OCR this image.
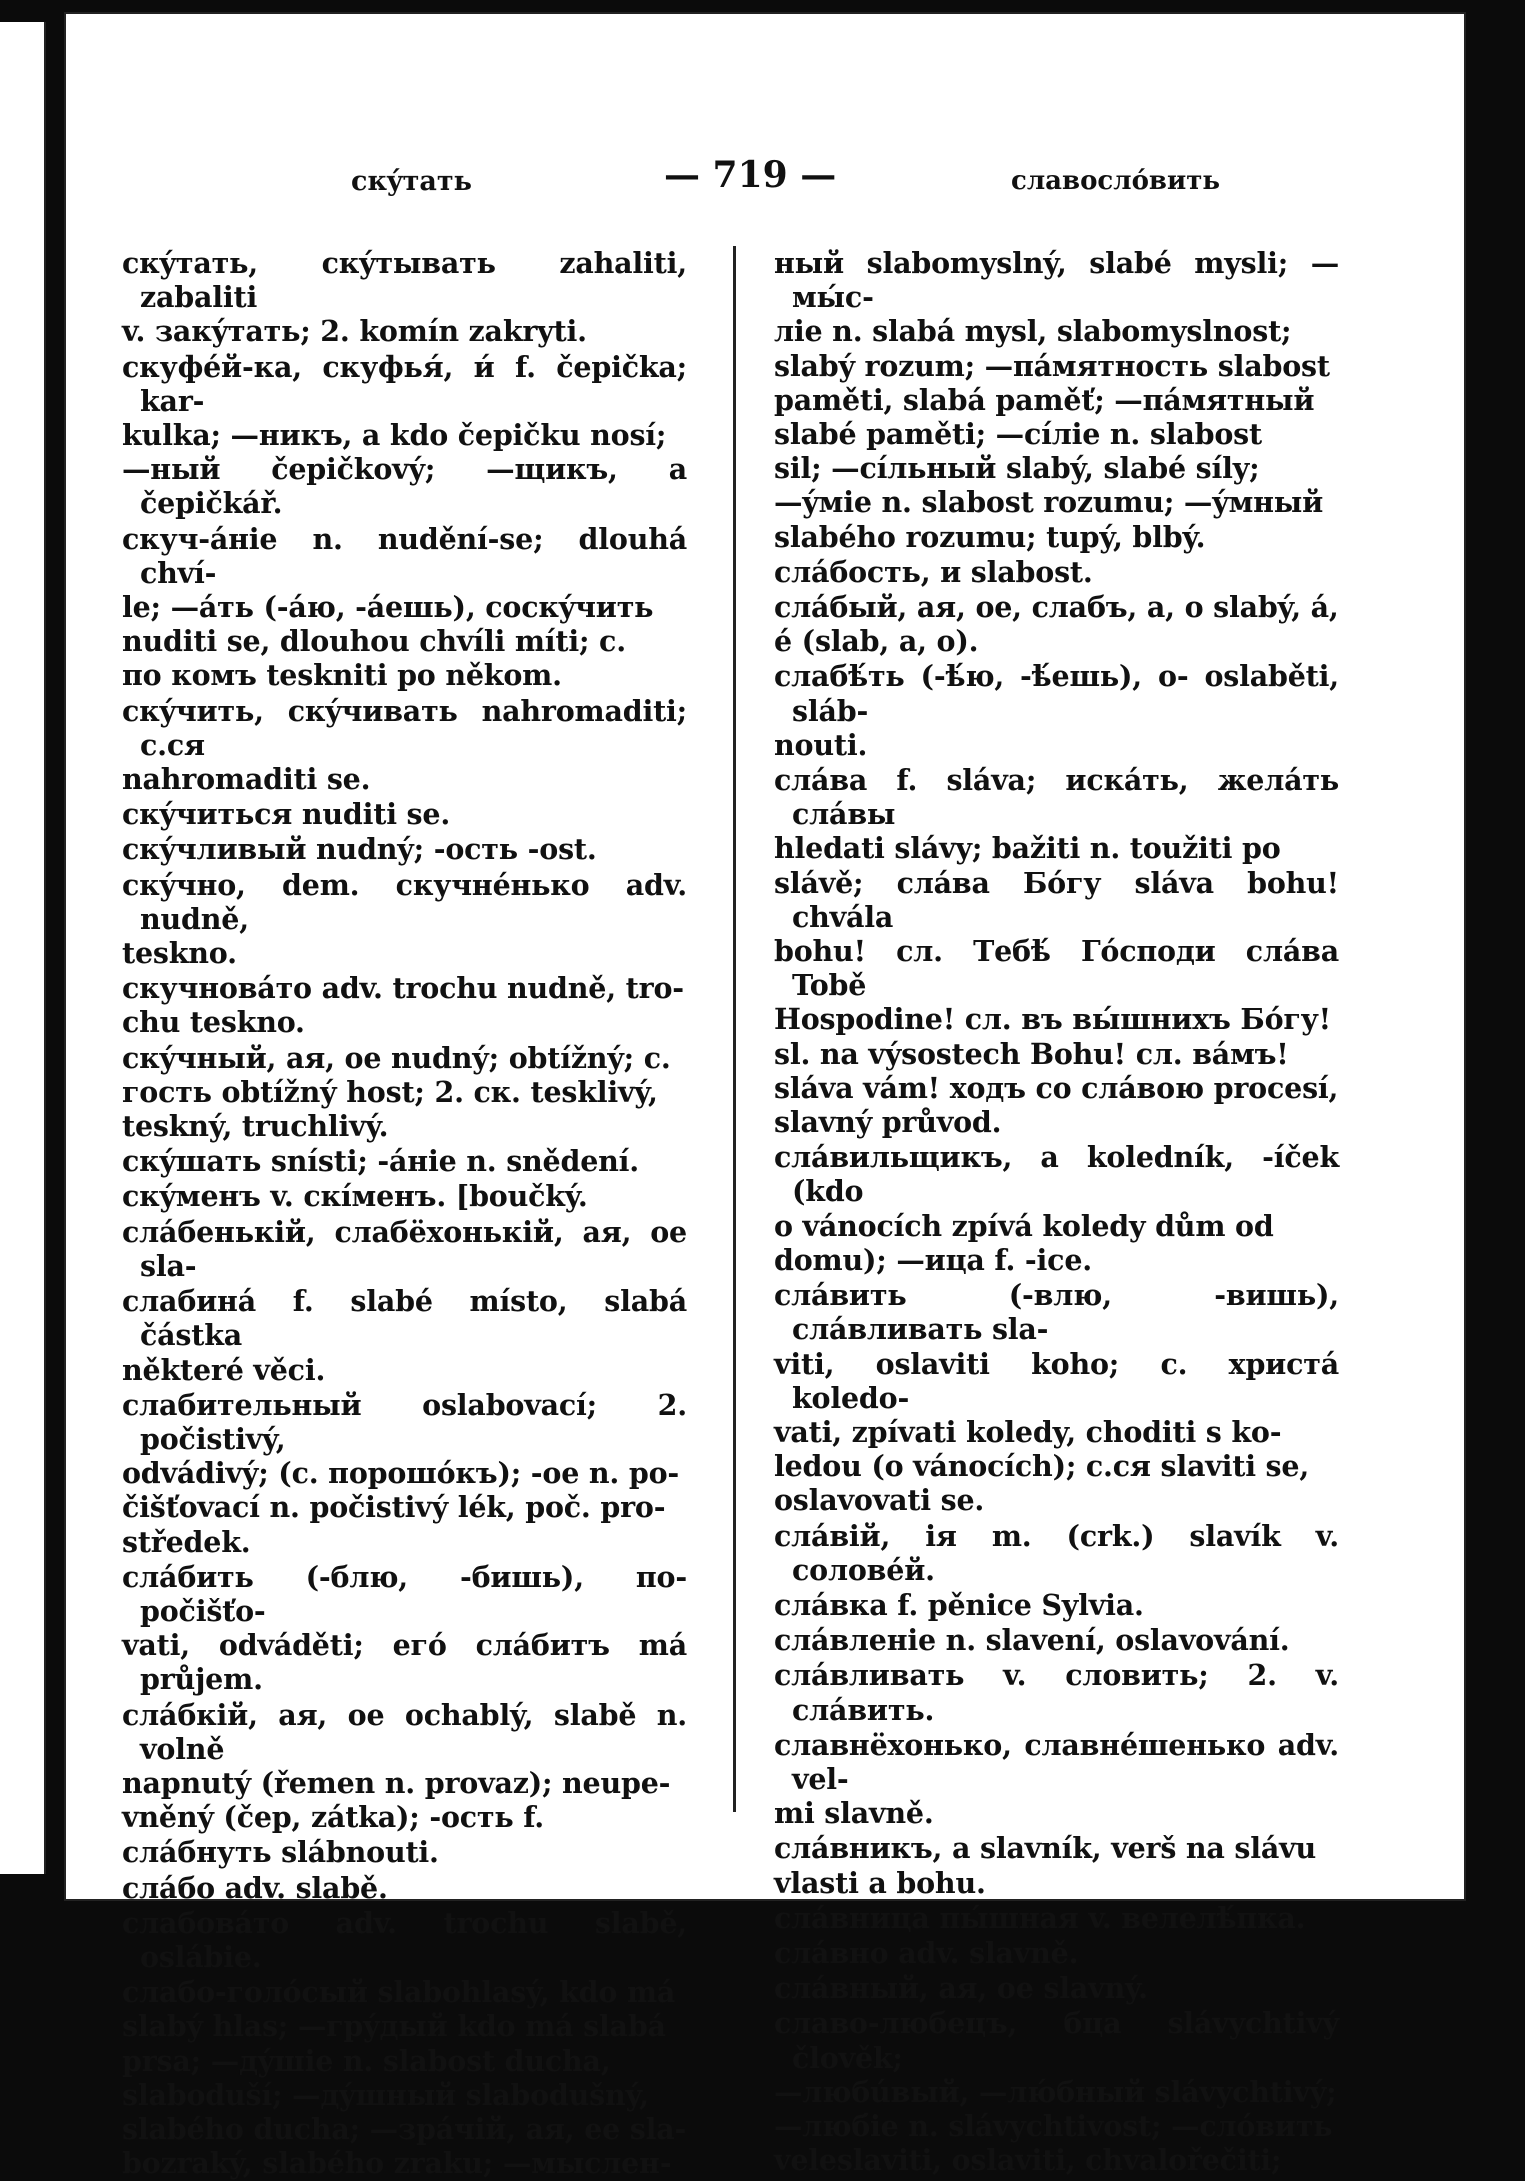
скýтать	— 719 —	славослóвить
скýтать, скýтывать zahaliti, zabaliti
v. закýтать; 2. komín zakryti.
скуфéй-ка, скуфья́, и́ f. čepička; kar-
kulka; —никъ, a kdo čepičku nosí;
—ный čepičkový; —щикъ, a čepičkář.
скуч-áніе n. nudění-se; dlouhá chví-
le; —áть (-áю, -áешь), соскýчить
nuditi se, dlouhou chvíli míti; c.
по комъ teskniti po někom.
скýчить, скýчивать nahromaditi; с.ся
nahromaditi se.
скýчиться nuditi se.
скýчливый nudný; -ость -ost.
скýчно, dem. скучнéнько adv. nudně,
teskno.
скучновáто adv. trochu nudně, tro-
chu teskno.
скýчный, ая, ое nudný; obtížný; с.
гость obtížný host; 2. ск. tesklivý,
teskný, truchlivý.
скýшать snísti; -áніе n. snědení.
скýменъ v. скíменъ. [boučký.
слáбенькій, слабёхонькій, ая, ое sla-
слабинá f. slabé místo, slabá částka
některé věci.
слабительный oslabovací; 2. počistivý,
odvádivý; (с. порошóкъ); -ое n. po-
čišťovací n. počistivý lék, poč. pro-
středek.
слáбить (-блю, -бишь), по- počišťo-
vati, odváděti; егó слáбитъ má průjem.
слáбкій, ая, ое ochablý, slabě n. volně
napnutý (řemen n. provaz); neupe-
vněný (čep, zátka); -ость f.
слáбнуть slábnouti.
слáбо adv. slabě.
слабовáто adv. trochu slabě, oslábie.
слабо-голóсый slabohlasý, kdo má
slabý hlas; —грýдый kdo má slabá
prsa; —дýшіе n. slabost ducha,
slaboduší; —дýшный slabodušný,
slabého ducha; —зрáчій, ая, ее sla-
bozraký, slabého zraku; —мыслен-
ный slabomyslný, slabé mysli; —мы́с-
ліе n. slabá mysl, slabomyslnost;
slabý rozum; —пáмятность slabost
paměti, slabá paměť; —пáмятный
slabé paměti; —сíліе n. slabost
sil; —сíльный slabý, slabé síly;
—ýміе n. slabost rozumu; —ýмный
slabého rozumu; tupý, blbý.
слáбость, и slabost.
слáбый, ая, ое, слабъ, а, о slabý, á,
é (slab, a, o).
слабѣ́ть (-ѣ́ю, -ѣ́ешь), о- oslaběti, sláb-
nouti.
слáва f. sláva; искáть, желáть слáвы
hledati slávy; bažiti n. toužiti po
slávě; слáва Бóгу sláva bohu! chvála
bohu! сл. Тебѣ́ Гóсподи слáва Tobě
Hospodine! сл. въ вы́шнихъ Бóгу!
sl. na výsostech Bohu! сл. вáмъ!
sláva vám! ходъ со слáвою procesí,
slavný průvod.
слáвильщикъ, a koledník, -íček (kdo
o vánocích zpívá koledy dům od
domu); —ица f. -ice.
слáвить (-влю, -вишь), слáвливать sla-
viti, oslaviti koho; с. христá koledo-
vati, zpívati koledy, choditi s ko-
ledou (o vánocích); с.ся slaviti se,
oslavovati se.
слáвій, ія m. (crk.) slavík v. соловéй.
слáвка f. pěnice Sylvia.
слáвленіе n. slavení, oslavování.
слáвливать v. словить; 2. v. слáвить.
славнёхонько, славнéшенько adv. vel-
mi slavně.
слáвникъ, a slavník, verš na slávu
vlasti a bohu.
слáвница пы́шная v. велелѣ́пка.
слáвно adv. slavně.
слáвный, ая, ое slavný.
славо-любецъ, бца slávychtivý člověk;
—любúвый, —лю́бный slávychtivý;
—люб́іе n. slávychtivost; —слóвить
veleslaviti, oslaviti, chvalořečiti;
